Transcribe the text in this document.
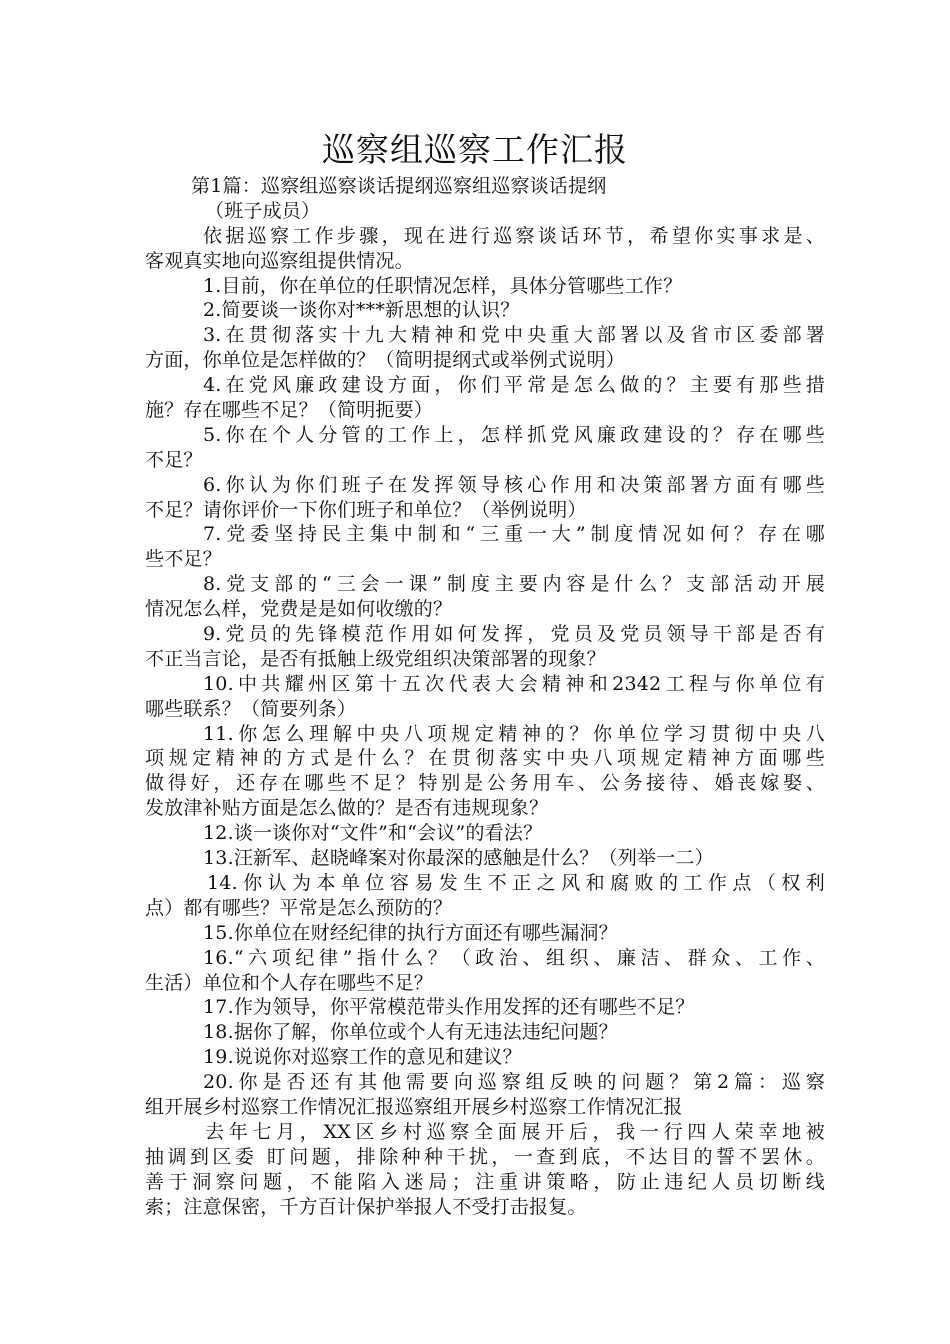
巡察组巡察工作汇报
第1篇：巡察组巡察谈话提纲巡察组巡察谈话提纲
（班子成员）
依据巡察工作步骤，现在进行巡察谈话环节，希望你实事求是、
客观真实地向巡察组提供情况。
1.目前，你在单位的任职情况怎样，具体分管哪些工作？
2.简要谈一谈你对***新思想的认识？
3.在贯彻落实十九大精神和党中央重大部署以及省市区委部署
方面，你单位是怎样做的？（简明提纲式或举例式说明）
4.在党风廉政建设方面，你们平常是怎么做的？主要有那些措
施？存在哪些不足？（简明扼要）
5.你在个人分管的工作上，怎样抓党风廉政建设的？存在哪些
不足？
6.你认为你们班子在发挥领导核心作用和决策部署方面有哪些
不足？请你评价一下你们班子和单位？（举例说明）
7.党委坚持民主集中制和“三重一大”制度情况如何？存在哪
些不足？
8.党支部的“三会一课”制度主要内容是什么？支部活动开展
情况怎么样，党费是是如何收缴的？
9.党员的先锋模范作用如何发挥，党员及党员领导干部是否有
不正当言论，是否有抵触上级党组织决策部署的现象？
10.中共耀州区第十五次代表大会精神和2342工程与你单位有
哪些联系？（简要列条）
11.你怎么理解中央八项规定精神的？你单位学习贯彻中央八
项规定精神的方式是什么？在贯彻落实中央八项规定精神方面哪些
做得好，还存在哪些不足？特别是公务用车、公务接待、婚丧嫁娶、
发放津补贴方面是怎么做的？是否有违规现象？
12.谈一谈你对“文件”和“会议”的看法？
13.汪新军、赵晓峰案对你最深的感触是什么？（列举一二）
14.你认为本单位容易发生不正之风和腐败的工作点（权利
点）都有哪些？平常是怎么预防的？
15.你单位在财经纪律的执行方面还有哪些漏洞？
16.“六项纪律”指什么？（政治、组织、廉洁、群众、工作、
生活）单位和个人存在哪些不足？
17.作为领导，你平常模范带头作用发挥的还有哪些不足？
18.据你了解，你单位或个人有无违法违纪问题？
19.说说你对巡察工作的意见和建议？
20.你是否还有其他需要向巡察组反映的问题？第2篇：巡察
组开展乡村巡察工作情况汇报巡察组开展乡村巡察工作情况汇报
去年七月，XX区乡村巡察全面展开后，我一行四人荣幸地被
抽调到区委 盯问题，排除种种干扰，一查到底，不达目的誓不罢休。
善于洞察问题，不能陷入迷局；注重讲策略，防止违纪人员切断线
索；注意保密，千方百计保护举报人不受打击报复。
